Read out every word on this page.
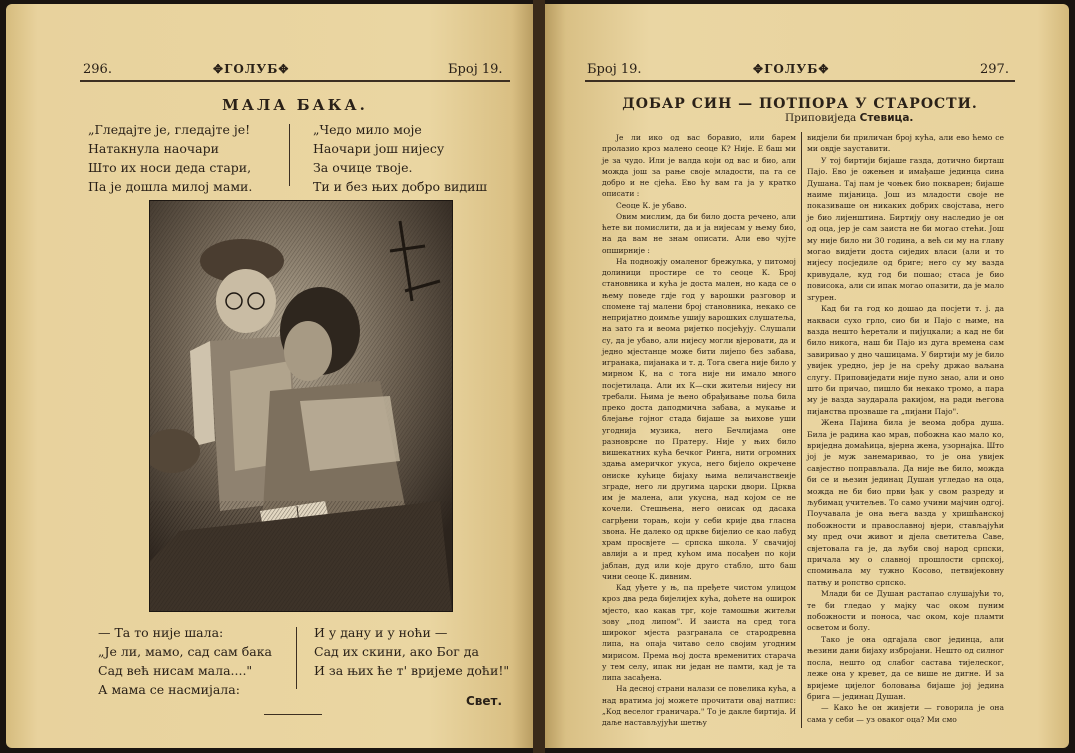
296.	✥ГОЛУБ✥	Број 19.
МАЛА БАКА.
„Гледајте је, гледајте је!
Натакнула наочари
Што их носи деда стари,
Па је дошла милој мами.
„Чедо мило моје
Наочари још нијесу
За очице твоје.
Ти и без њих добро видиш
— Та то није шала:
„Је ли, мамо, сад сам бака
Сад већ нисам мала...."
А мама се насмијала:
И у дану и у ноћи —
Сад их скини, ако Бог да
И за њих ће т' вријеме доћи!"
Свет.
Број 19.	✥ГОЛУБ✥	297.
ДОБАР СИН — ПОТПОРА У СТАРОСТИ.
Приповиједа Стевица.

Је ли ико од вас боравио, или барем пролазио кроз малено сеоце К? Није. Е баш ми је за чудо. Или је валда који од вас и био, али можда још за рање своје младости, па га се добро и не сјећа. Ево ћу вам га ја у кратко описати :

Сеоце К. је убаво.

Овим мислим, да би било доста речено, али ћете ви помислити, да и ја нијесам у њему био, на да вам не знам описати. Али ево чујте опширније :

На подножју омаленог брежуљка, у питомој долиници простире се то сеоце К. Број становника и кућа је доста мален, но када се о њему поведе гдје год у варошки разговор и спомене тај малени број становника, некако се непријатно доимље ушију варошких слушатеља, на зато га и веома ријетко посјећују. Слушали су, да је убаво, али нијесу могли вјеровати, да и једно мјестанце може бити лијепо без забава, игранака, пијанака и т. д. Тога свега није било у мирном К, на с тога није ни имало много посјетилаца. Али их К—ски житељи нијесу ни требали. Њима је њено обрађивање поља била преко доста даподмична забава, а мукање и блејање гојног стада бијаше за њихове уши угоднија музика, него Бечлијама оне разноврсне по Пратеру. Није у њих било вишекатних кућа бечког Ринга, нити огромних здања америчког укуса, него бијело окречене ониске кућице бијаху њима величанствеије зграде, него ли другима царски двори. Црква им је малена, али укусна, над којом се не кочели. Стешњена, него онисак од дасака сагрђени торањ, који у себи крије два гласна звона. Не далеко од цркве бијелио се као лабуд храм просвјете — српска школа. У свачијој авлији а и пред кућом има посађен по који јаблан, дуд или које друго стабло, што баш чини сеоце К. дивним.

Кад уђете у њ, па пређете чистом улицом кроз два реда бијелијех кућа, доћете на оширок мјесто, као какав трг, које тамошњи житељи зову „под липом". И заиста на сред тога широког мјеста разгранала се стародревна липа, на опаја читаво село својим угодним мирисом. Према њој доста временитих старача у тем селу, ипак ни један не памти, кад је та липа засађена.

На десној страни налази се повелика кућа, а над вратима јој можете прочитати овај натпис: „Код веселог граничара." То је дакле биртија. И даље настављујући шетњу

видјели би приличан број кућа, али ево ћемо се ми овдје зауставити.

У тој биртији бијаше газда, дотично бирташ Пајо. Ево је ожењен и имађаше јединца сина Душана. Тај пам је чоњек био покварен; бијаше наиме пијаница. Још из младости своје не показиваше он никаких добрих својстава, него је био лијенштина. Биртију ону наследио је он од оца, јер је сам заиста не би могао стећи. Још му није било ни 30 година, а већ си му на главу могао видјети доста сиједих власи (али и то нијесу посједиле од бриге; него су му вазда кривудале, куд год би пошао; стаса је био повисока, али си ипак могао опазити, да је мало згурен.

Кад би га год ко дошао да посјети т. ј. да накваси сухо грло, сио би и Пајо с њиме, на вазда нешто ћеретали и пијуцкали; а кад не би било никога, наш би Пајо из дуга времена сам завиривао у дно чашицама. У биртији му је било увијек уредно, јер је на срећу држао ваљана слугу. Приповиједати није пуно знао, али и оно што би причао, пишло би некако тромо, а пара му је вазда заударала ракијом, на ради његова пијанства прозваше га „пијани Пајо".

Жена Пајина била је веома добра душа. Била је радина као мрав, побожна као мало ко, вриједна домаћица, вјерна жена, узорнајка. Што јој је муж занемаривао, то је она увијек савјестно поправљала. Да није ње било, можда би се и њезин јединац Душан угледао на оца, можда не би био први ђак у свом разреду и љубимац учитељев. То само учини мајчин одгој. Поучавала је она њега вазда у хришћанској побожности и православној вјери, стављајући му пред очи живот и дјела светитеља Саве, свјетовала га је, да љуби свој народ српски, причала му о славној прошлости српској, спомињала му тужно Косово, петвијековну патњу и ропство српско.

Млади би се Душан растапао слушајући то, те би гледао у мајку час оком пуним побожности и поноса, час оком, које пламти осветом и болу.

Тако је она одгајала свог јединца, али њезини дани бијаху избројани. Нешто од силног посла, нешто од слабог састава тијелеског, леже она у кревет, да се више не дигне. И за вријеме цијелог боловања бијаше јој једина брига — јединац Душан.

— Како ће он живјети — говорила је она сама у себи — уз оваког оца? Ми смо
